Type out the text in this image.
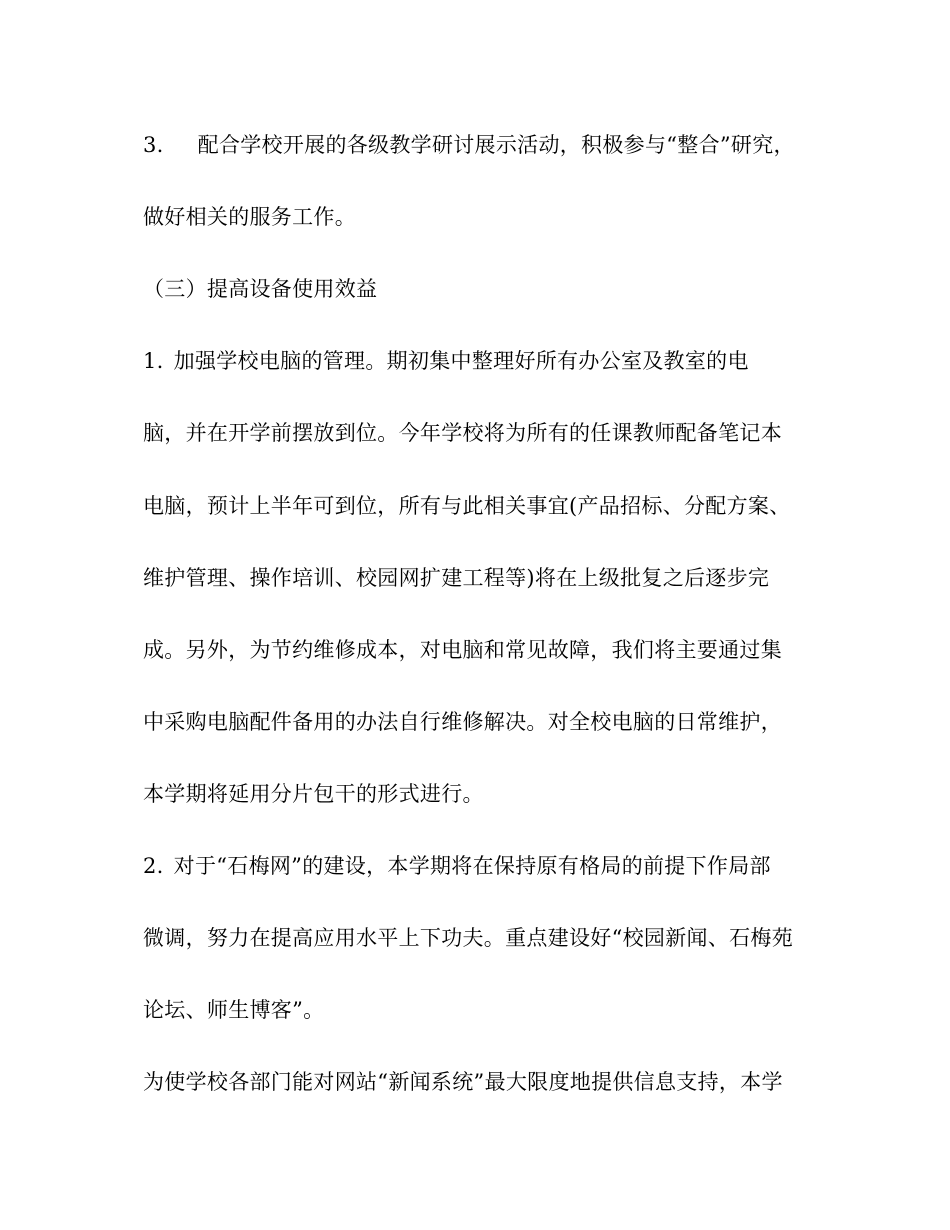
3. 配合学校开展的各级教学研讨展示活动，积极参与“整合”研究，
做好相关的服务工作。
（三）提高设备使用效益
1. 加强学校电脑的管理。期初集中整理好所有办公室及教室的电
脑，并在开学前摆放到位。今年学校将为所有的任课教师配备笔记本
电脑，预计上半年可到位，所有与此相关事宜(产品招标、分配方案、
维护管理、操作培训、校园网扩建工程等)将在上级批复之后逐步完
成。另外，为节约维修成本，对电脑和常见故障，我们将主要通过集
中采购电脑配件备用的办法自行维修解决。对全校电脑的日常维护，
本学期将延用分片包干的形式进行。
2. 对于“石梅网”的建设，本学期将在保持原有格局的前提下作局部
微调，努力在提高应用水平上下功夫。重点建设好“校园新闻、石梅苑
论坛、师生博客”。
为使学校各部门能对网站“新闻系统”最大限度地提供信息支持，本学
